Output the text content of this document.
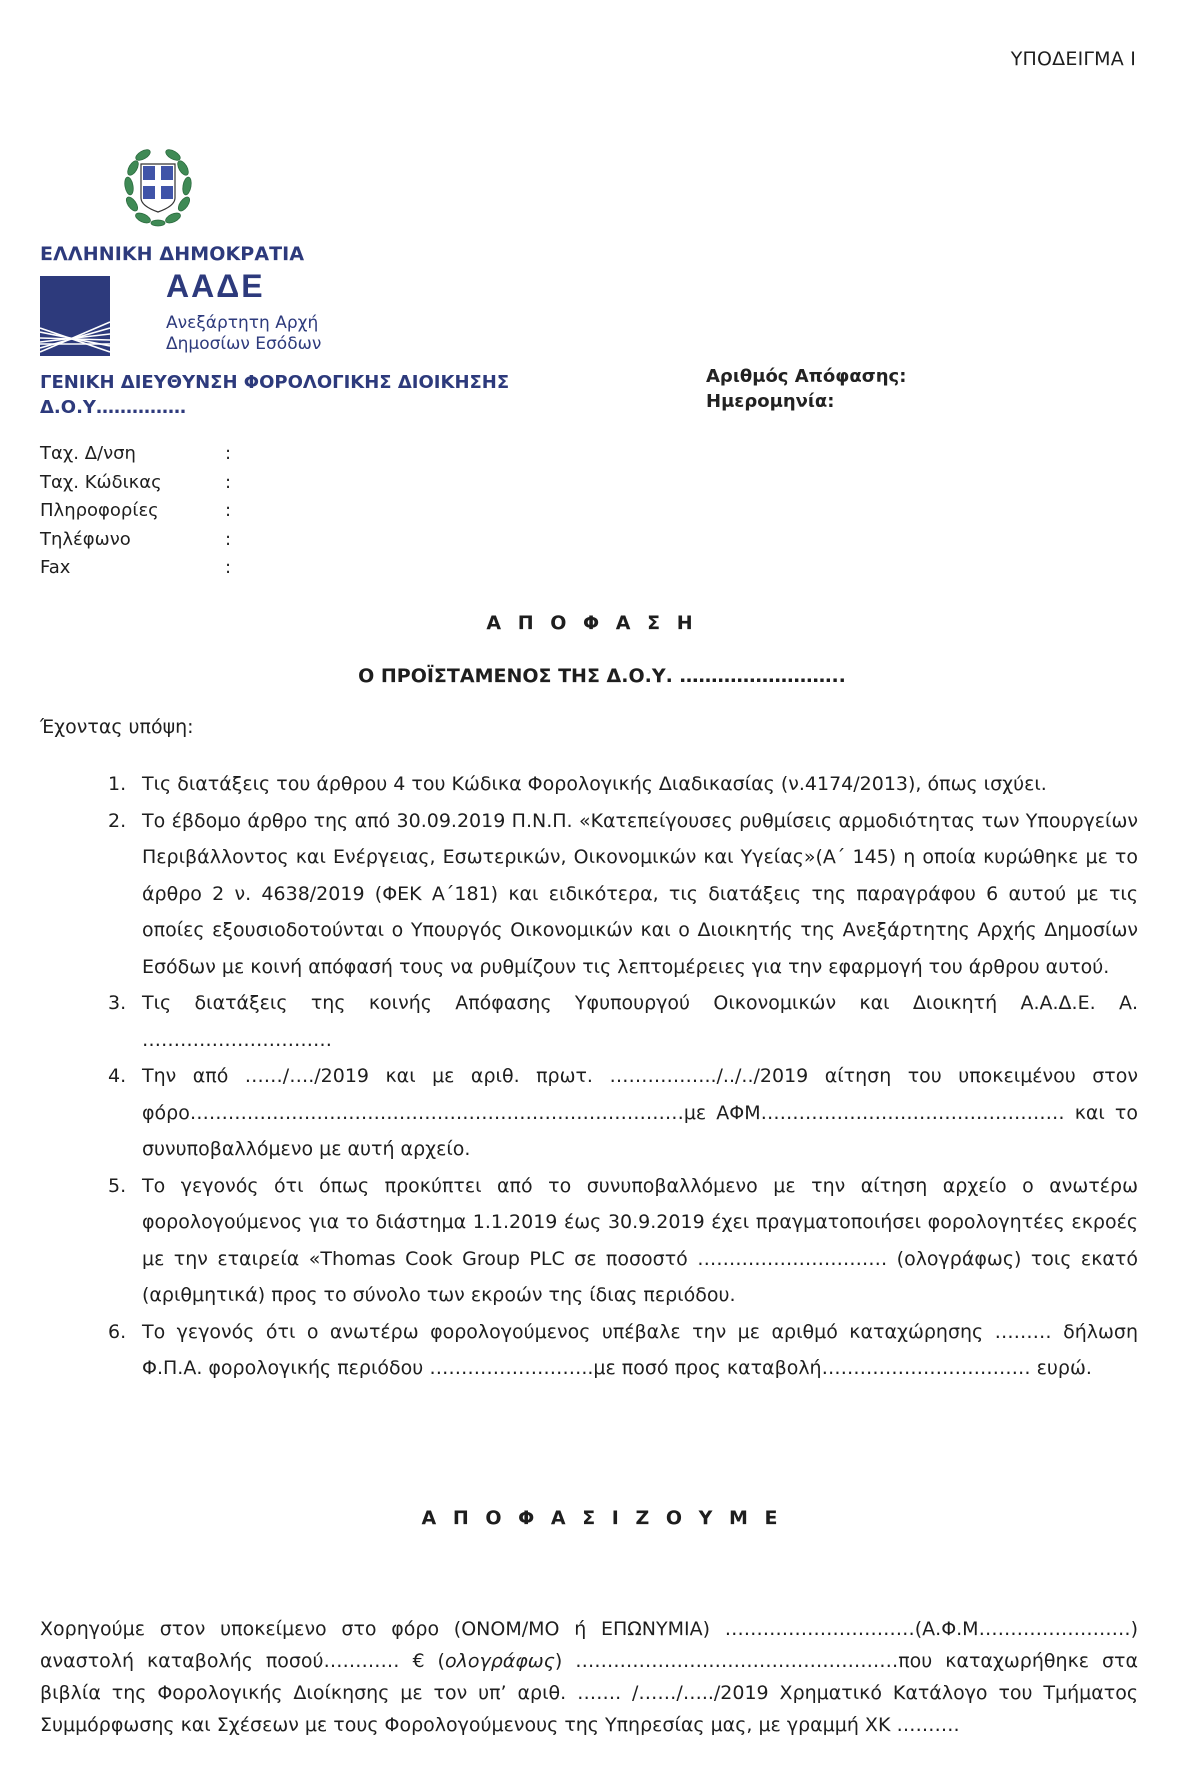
ΥΠΟΔΕΙΓΜΑ Ι
ΕΛΛΗΝΙΚΗ ΔΗΜΟΚΡΑΤΙΑ
ΑΑΔΕ
Ανεξάρτητη Αρχή
Δημοσίων Εσόδων
ΓΕΝΙΚΗ ΔΙΕΥΘΥΝΣΗ ΦΟΡΟΛΟΓΙΚΗΣ ΔΙΟΙΚΗΣΗΣ
Δ.Ο.Υ……………
Αριθμός Απόφασης:
Ημερομηνία:
Ταχ. Δ/νση	:
Ταχ. Κώδικας	:
Πληροφορίες	:
Τηλέφωνο	:
Fax	:
Α Π Ο Φ Α Σ Η
Ο ΠΡΟΪΣΤΑΜΕΝΟΣ ΤΗΣ Δ.Ο.Υ. ……………………..
Έχοντας υπόψη:
1. Τις διατάξεις του άρθρου 4 του Κώδικα Φορολογικής Διαδικασίας (ν.4174/2013), όπως ισχύει.
2. Το έβδομο άρθρο της από 30.09.2019 Π.Ν.Π. «Κατεπείγουσες ρυθμίσεις αρμοδιότητας των Υπουργείων Περιβάλλοντος και Ενέργειας, Εσωτερικών, Οικονομικών και Υγείας»(Α΄ 145) η οποία κυρώθηκε με το άρθρο 2 ν. 4638/2019 (ΦΕΚ Α΄181) και ειδικότερα, τις διατάξεις της παραγράφου 6 αυτού με τις οποίες εξουσιοδοτούνται ο Υπουργός Οικονομικών και ο Διοικητής της Ανεξάρτητης Αρχής Δημοσίων Εσόδων με κοινή απόφασή τους να ρυθμίζουν τις λεπτομέρειες για την εφαρμογή του άρθρου αυτού.
3. Τις διατάξεις της κοινής Απόφασης Υφυπουργού Οικονομικών και Διοικητή Α.Α.Δ.Ε. Α. …………………………
4. Την από ……/…./2019 και με αριθ. πρωτ. ……………../../../2019 αίτηση του υποκειμένου στον φόρο……………………………………………………………………με ΑΦΜ………………………………………… και το συνυποβαλλόμενο με αυτή αρχείο.
5. Το γεγονός ότι όπως προκύπτει από το συνυποβαλλόμενο με την αίτηση αρχείο ο ανωτέρω φορολογούμενος για το διάστημα 1.1.2019 έως 30.9.2019 έχει πραγματοποιήσει φορολογητέες εκροές με την εταιρεία «Thomas Cook Group PLC σε ποσοστό ………………………… (ολογράφως) τοις εκατό (αριθμητικά) προς το σύνολο των εκροών της ίδιας περιόδου.
6. Το γεγονός ότι ο ανωτέρω φορολογούμενος υπέβαλε την με αριθμό καταχώρησης ……… δήλωση Φ.Π.Α. φορολογικής περιόδου ……………………..με ποσό προς καταβολή…………………………… ευρώ.
Α Π Ο Φ Α Σ Ι Ζ Ο Υ Μ Ε
Χορηγούμε στον υποκείμενο στο φόρο (ΟΝΟΜ/ΜΟ ή ΕΠΩΝΥΜΙΑ) …………………………(Α.Φ.Μ……………………) αναστολή καταβολής ποσού………… € (ολογράφως) ……………………………………………που καταχωρήθηκε στα βιβλία της Φορολογικής Διοίκησης με τον υπ’ αριθ. ……. /……/…../2019 Χρηματικό Κατάλογο του Τμήματος Συμμόρφωσης και Σχέσεων με τους Φορολογούμενους της Υπηρεσίας μας, με γραμμή ΧΚ ……….
